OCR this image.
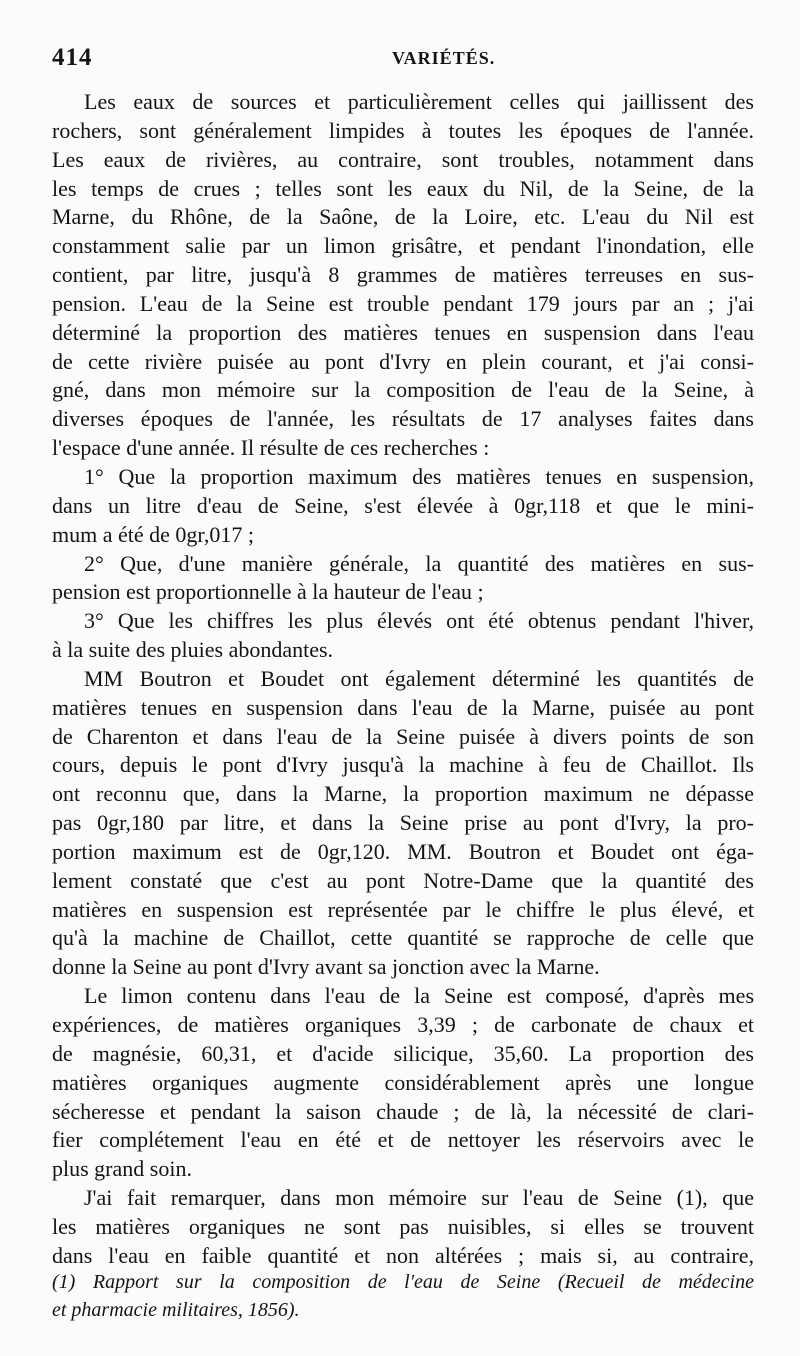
414	VARIÉTÉS.
Les eaux de sources et particulièrement celles qui jaillissent des
rochers, sont généralement limpides à toutes les époques de l'année.
Les eaux de rivières, au contraire, sont troubles, notamment dans
les temps de crues ; telles sont les eaux du Nil, de la Seine, de la
Marne, du Rhône, de la Saône, de la Loire, etc. L'eau du Nil est
constamment salie par un limon grisâtre, et pendant l'inondation, elle
contient, par litre, jusqu'à 8 grammes de matières terreuses en sus-
pension. L'eau de la Seine est trouble pendant 179 jours par an ; j'ai
déterminé la proportion des matières tenues en suspension dans l'eau
de cette rivière puisée au pont d'Ivry en plein courant, et j'ai consi-
gné, dans mon mémoire sur la composition de l'eau de la Seine, à
diverses époques de l'année, les résultats de 17 analyses faites dans
l'espace d'une année. Il résulte de ces recherches :
1° Que la proportion maximum des matières tenues en suspension,
dans un litre d'eau de Seine, s'est élevée à 0gr,118 et que le mini-
mum a été de 0gr,017 ;
2° Que, d'une manière générale, la quantité des matières en sus-
pension est proportionnelle à la hauteur de l'eau ;
3° Que les chiffres les plus élevés ont été obtenus pendant l'hiver,
à la suite des pluies abondantes.
MM Boutron et Boudet ont également déterminé les quantités de
matières tenues en suspension dans l'eau de la Marne, puisée au pont
de Charenton et dans l'eau de la Seine puisée à divers points de son
cours, depuis le pont d'Ivry jusqu'à la machine à feu de Chaillot. Ils
ont reconnu que, dans la Marne, la proportion maximum ne dépasse
pas 0gr,180 par litre, et dans la Seine prise au pont d'Ivry, la pro-
portion maximum est de 0gr,120. MM. Boutron et Boudet ont éga-
lement constaté que c'est au pont Notre-Dame que la quantité des
matières en suspension est représentée par le chiffre le plus élevé, et
qu'à la machine de Chaillot, cette quantité se rapproche de celle que
donne la Seine au pont d'Ivry avant sa jonction avec la Marne.
Le limon contenu dans l'eau de la Seine est composé, d'après mes
expériences, de matières organiques 3,39 ; de carbonate de chaux et
de magnésie, 60,31, et d'acide silicique, 35,60. La proportion des
matières organiques augmente considérablement après une longue
sécheresse et pendant la saison chaude ; de là, la nécessité de clari-
fier complétement l'eau en été et de nettoyer les réservoirs avec le
plus grand soin.
J'ai fait remarquer, dans mon mémoire sur l'eau de Seine (1), que
les matières organiques ne sont pas nuisibles, si elles se trouvent
dans l'eau en faible quantité et non altérées ; mais si, au contraire,
(1) Rapport sur la composition de l'eau de Seine (Recueil de médecine
et pharmacie militaires, 1856).
